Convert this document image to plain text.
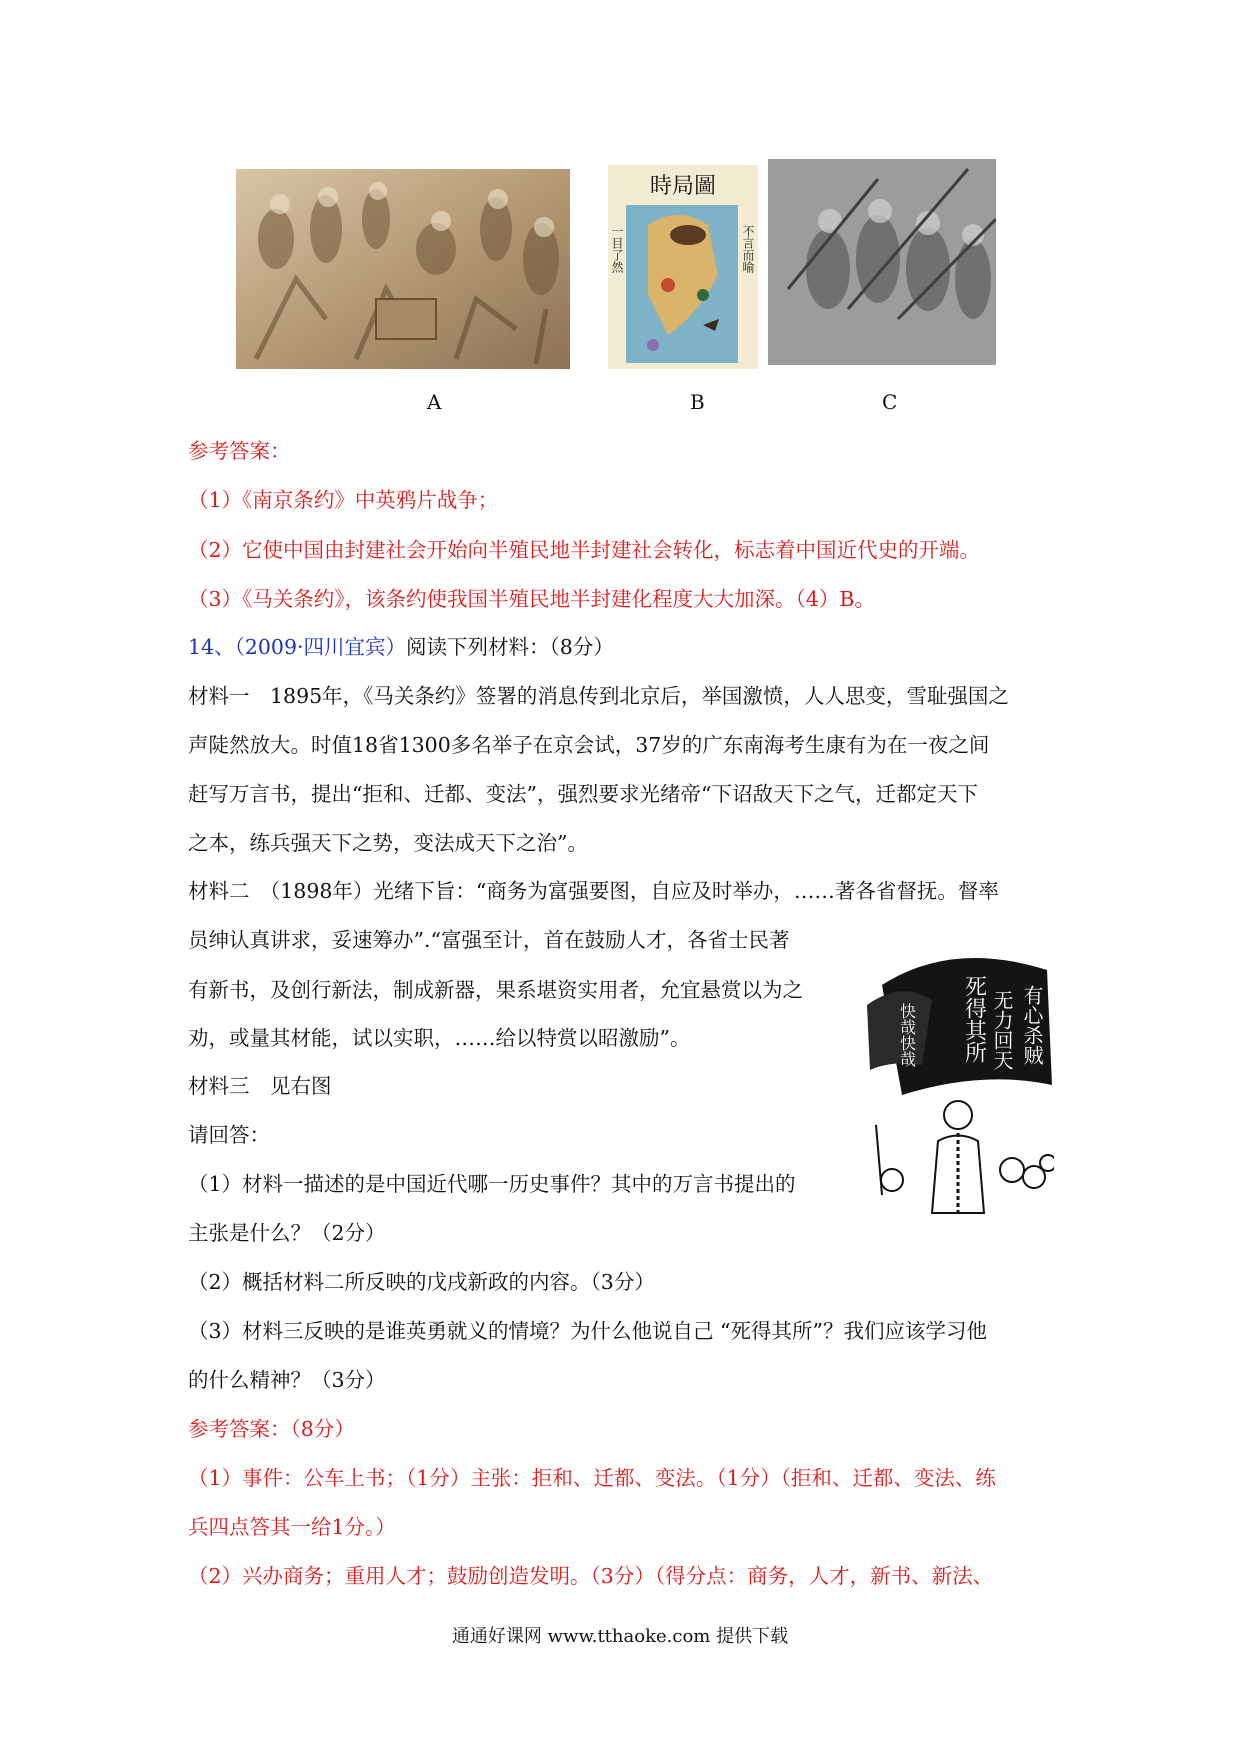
A
時局圖
一目了然	不言而喻
B	C
参考答案：
（1）《南京条约》中英鸦片战争；
（2）它使中国由封建社会开始向半殖民地半封建社会转化，标志着中国近代史的开端。
（3）《马关条约》，该条约使我国半殖民地半封建化程度大大加深。（4）B。
14、（2009·四川宜宾）阅读下列材料：（8分）
材料一　1895年，《马关条约》签署的消息传到北京后，举国激愤，人人思变，雪耻强国之
声陡然放大。时值18省1300多名举子在京会试，37岁的广东南海考生康有为在一夜之间
赶写万言书，提出“拒和、迁都、变法”，强烈要求光绪帝“下诏敌天下之气，迁都定天下
之本，练兵强天下之势，变法成天下之治”。
材料二　（1898年）光绪下旨：“商务为富强要图，自应及时举办，……著各省督抚。督率
员绅认真讲求，妥速筹办”.“富强至计，首在鼓励人才，各省士民著
有新书，及创行新法，制成新器，果系堪资实用者，允宜悬赏以为之
劝，或量其材能，试以实职，……给以特赏以昭激励”。
材料三　见右图
请回答：
（1）材料一描述的是中国近代哪一历史事件？其中的万言书提出的
主张是什么？（2分）
（2）概括材料二所反映的戊戌新政的内容。（3分）
（3）材料三反映的是谁英勇就义的情境？为什么他说自己 “死得其所”？我们应该学习他
的什么精神？（3分）
有心杀贼
无力回天
死得其所
快哉快哉
参考答案：（8分）
（1）事件：公车上书；（1分）主张：拒和、迁都、变法。（1分）（拒和、迁都、变法、练
兵四点答其一给1分。）
（2）兴办商务；重用人才；鼓励创造发明。（3分）（得分点：商务，人才，新书、新法、
通通好课网 www.tthaoke.com 提供下载
